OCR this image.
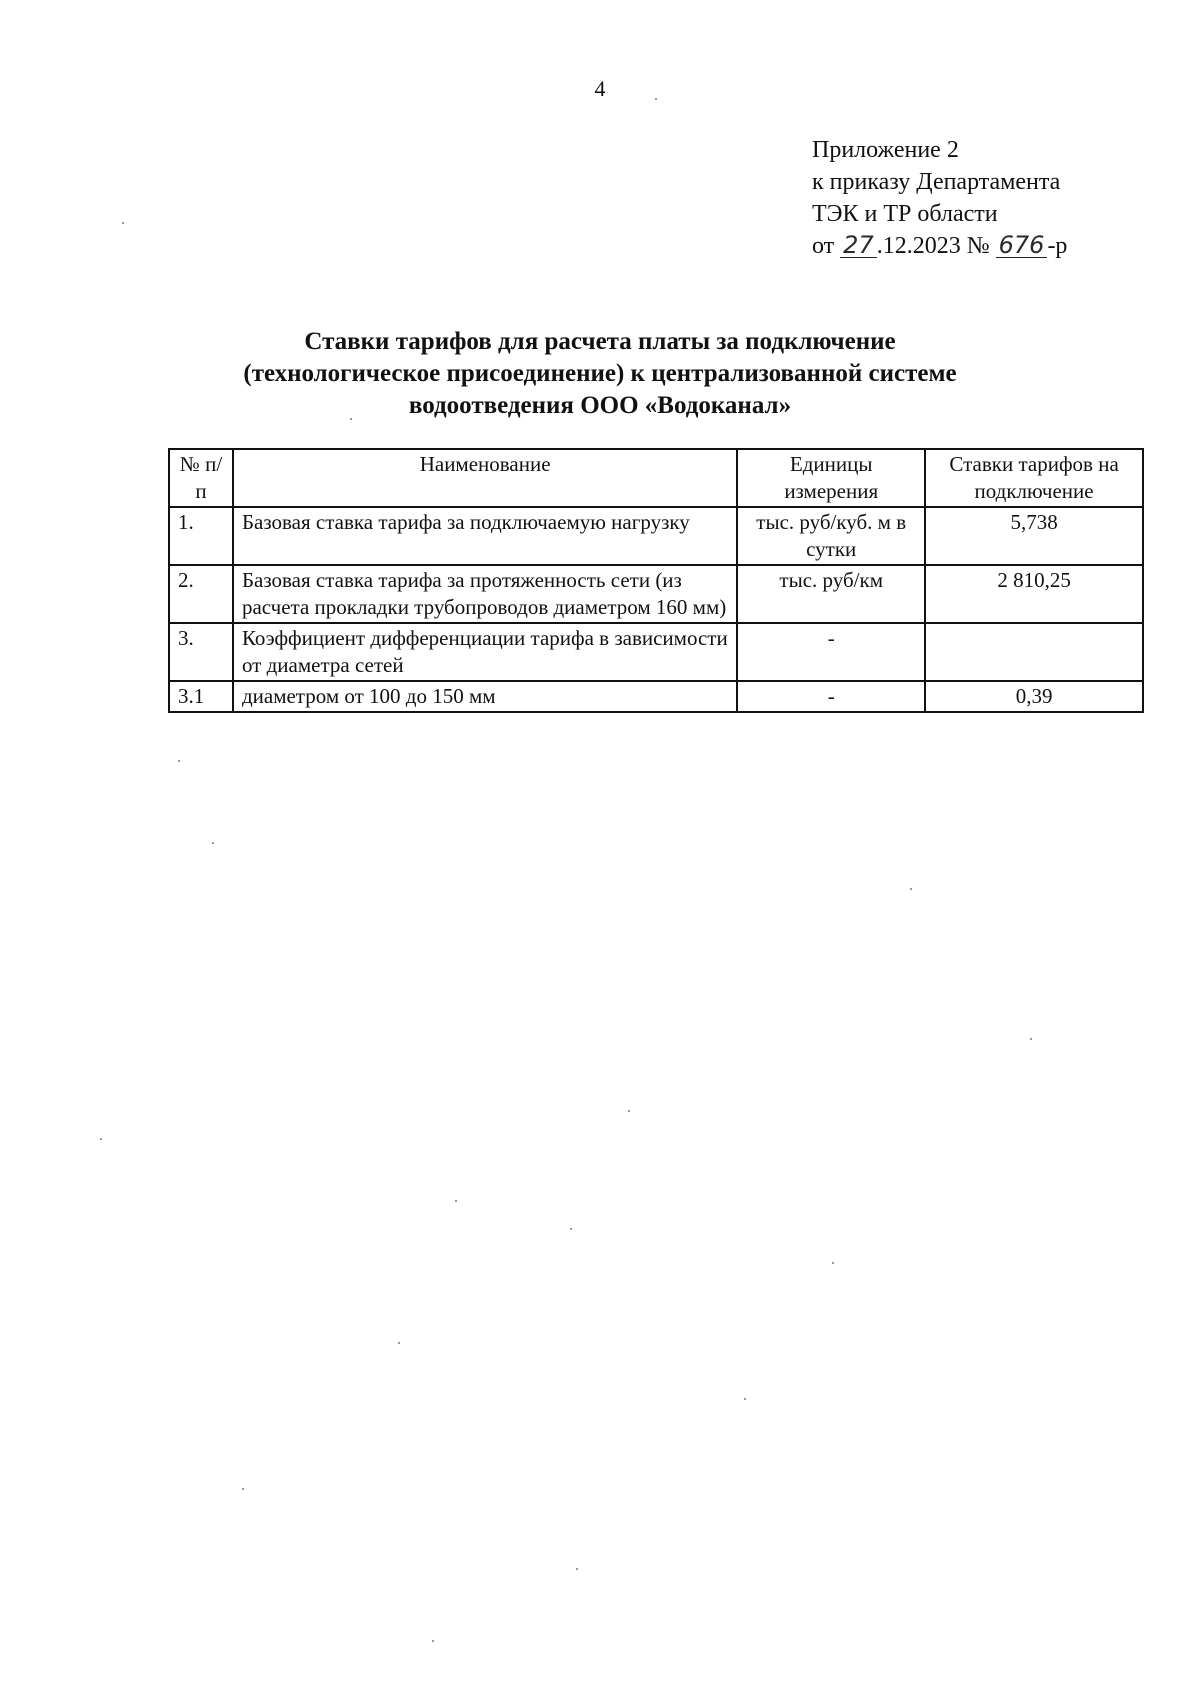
4
Приложение 2
к приказу Департамента
ТЭК и ТР области
от 27 .12.2023 № 676 -р
Ставки тарифов для расчета платы за подключение
(технологическое присоединение) к централизованной системе
водоотведения ООО «Водоканал»
№ п/п	Наименование	Единицы измерения	Ставки тарифов на подключение
1.	Базовая ставка тарифа за подключаемую нагрузку	тыс. руб/куб. м в сутки	5,738
2.	Базовая ставка тарифа за протяженность сети (из расчета прокладки трубопроводов диаметром 160 мм)	тыс. руб/км	2 810,25
3.	Коэффициент дифференциации тарифа в зависимости от диаметра сетей	-	
3.1	диаметром от 100 до 150 мм	-	0,39
